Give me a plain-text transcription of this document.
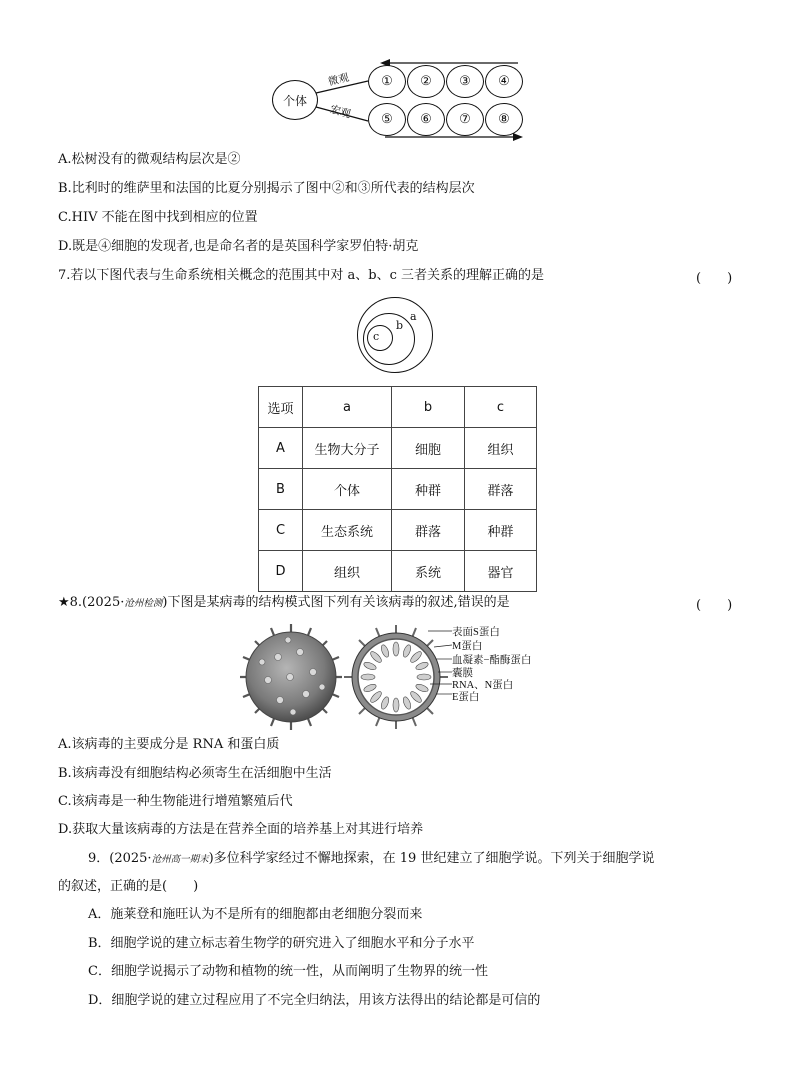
个体
微观
宏观
①	②	③	④
⑤	⑥	⑦	⑧
A.松树没有的微观结构层次是②
B.比利时的维萨里和法国的比夏分别揭示了图中②和③所代表的结构层次
C.HIV 不能在图中找到相应的位置
D.既是④细胞的发现者,也是命名者的是英国科学家罗伯特·胡克
7.若以下图代表与生命系统相关概念的范围其中对 a、b、c 三者关系的理解正确的是	(　　)
a
b
c
选项	a	b	c
A	生物大分子	细胞	组织
B	个体	种群	群落
C	生态系统	群落	种群
D	组织	系统	器官
★8.(2025·沧州检测)下图是某病毒的结构模式图下列有关该病毒的叙述,错误的是	(　　)
表面S蛋白
M蛋白
血凝素−酯酶蛋白
囊膜
RNA、N蛋白
E蛋白
A.该病毒的主要成分是 RNA 和蛋白质
B.该病毒没有细胞结构必须寄生在活细胞中生活
C.该病毒是一种生物能进行增殖繁殖后代
D.获取大量该病毒的方法是在营养全面的培养基上对其进行培养
9．(2025·沧州高一期末)多位科学家经过不懈地探索，在 19 世纪建立了细胞学说。下列关于细胞学说
的叙述，正确的是(　　)
A．施莱登和施旺认为不是所有的细胞都由老细胞分裂而来
B．细胞学说的建立标志着生物学的研究进入了细胞水平和分子水平
C．细胞学说揭示了动物和植物的统一性，从而阐明了生物界的统一性
D．细胞学说的建立过程应用了不完全归纳法，用该方法得出的结论都是可信的
